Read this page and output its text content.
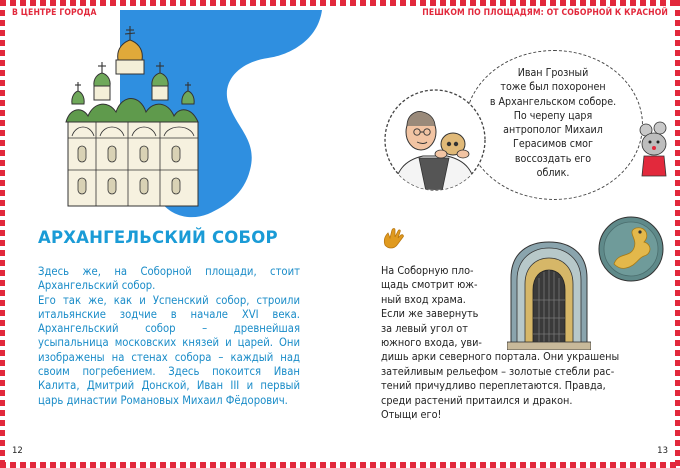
В ЦЕНТРЕ ГОРОДА	ПЕШКОМ ПО ПЛОЩАДЯМ: ОТ СОБОРНОЙ К КРАСНОЙ
АРХАНГЕЛЬСКИЙ СОБОР

Здесь же, на Соборной площади, стоит Архангельский собор.

Его так же, как и Успенский собор, строили итальянские зодчие в начале XVI века. Архангельский собор – древнейшая усыпальница московских князей и царей. Они изображены на стенах собора – каждый над своим погребением. Здесь покоится Иван Калита, Дмитрий Донской, Иван III и первый царь династии Романовых Михаил Фёдорович.

12	13
Иван Грозный
тоже был похоронен
в Архангельском соборе.
По черепу царя
антрополог Михаил
Герасимов смог
воссоздать его
облик.
На Соборную пло-
щадь смотрит юж-
ный вход храма.
Если же завернуть
за левый угол от
южного входа, уви-
дишь арки северного портала. Они украшены
затейливым рельефом – золотые стебли рас-
тений причудливо переплетаются. Правда,
среди растений притаился и дракон.
Отыщи его!
